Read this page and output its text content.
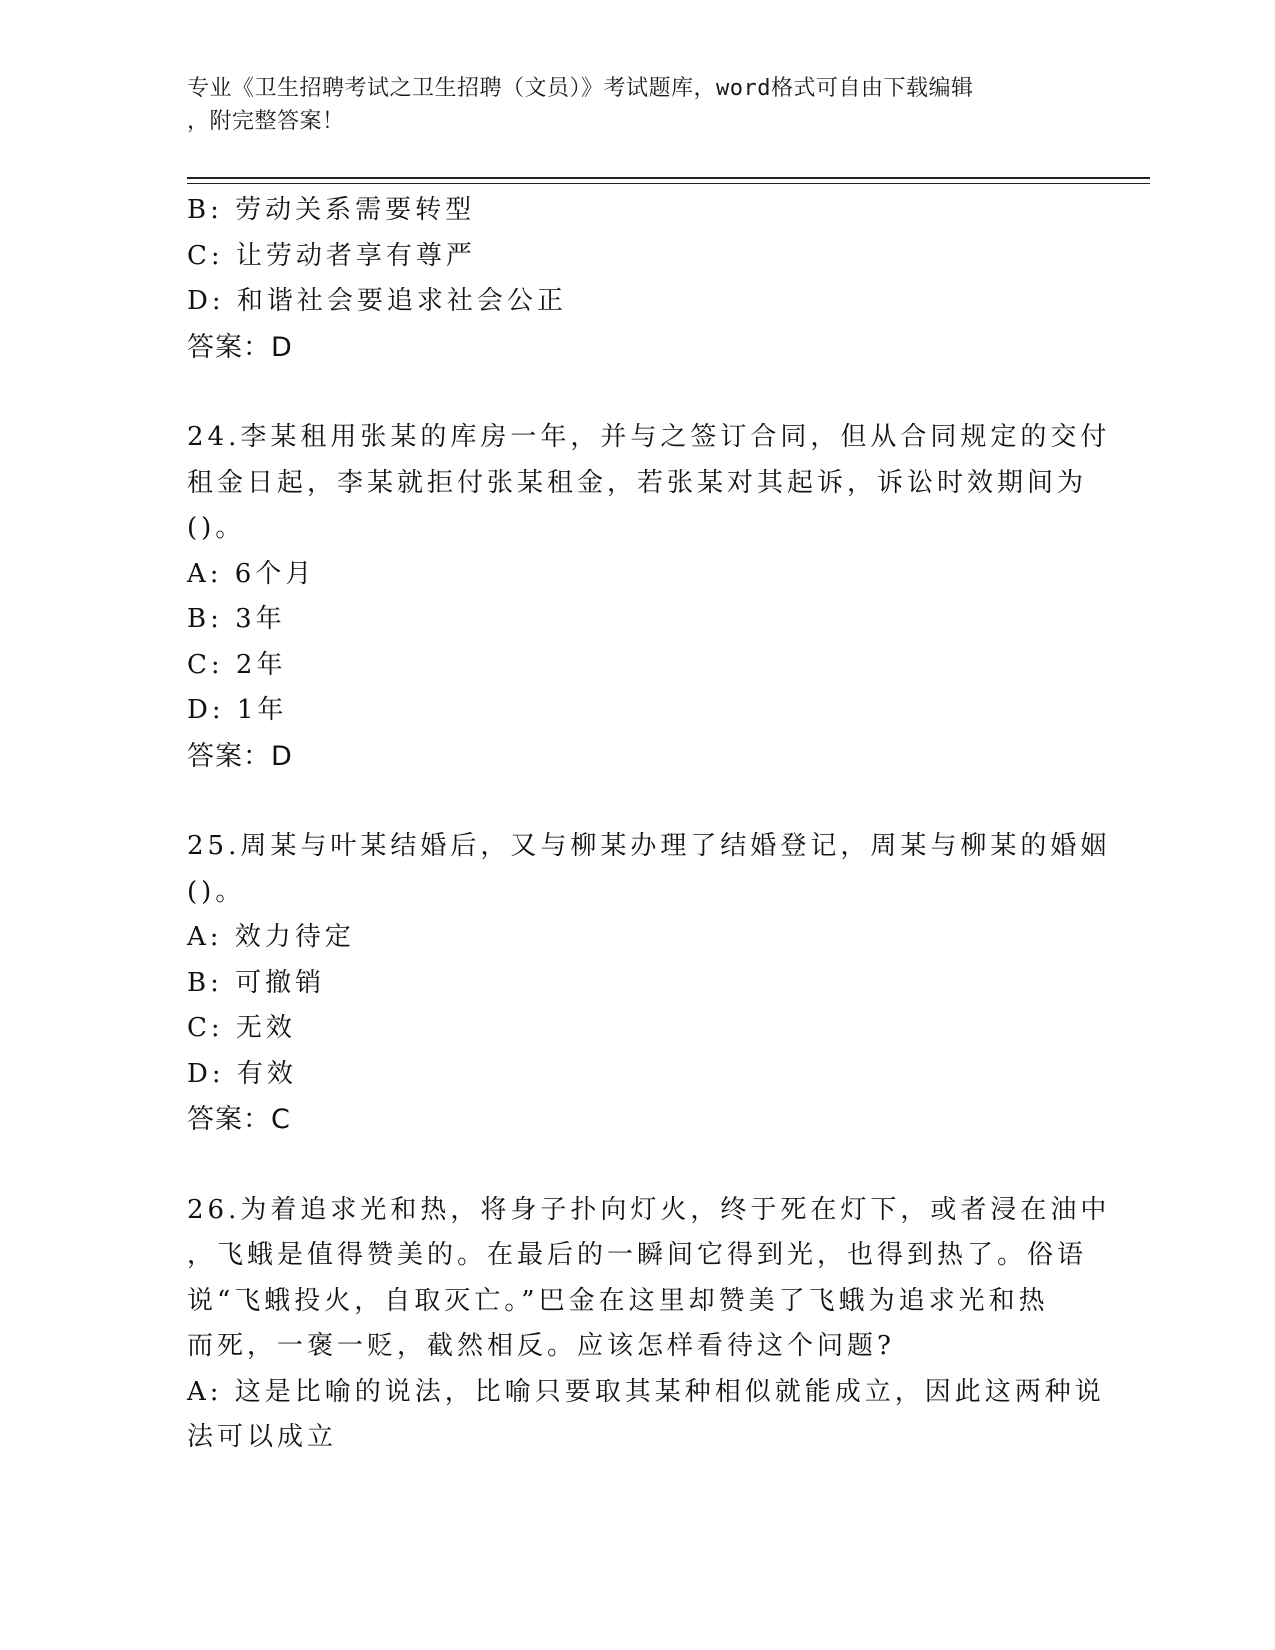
专业《卫生招聘考试之卫生招聘（文员）》考试题库，word格式可自由下载编辑
，附完整答案！
B: 劳动关系需要转型
C: 让劳动者享有尊严
D: 和谐社会要追求社会公正
答案：D
24.李某租用张某的库房一年，并与之签订合同，但从合同规定的交付
租金日起，李某就拒付张某租金，若张某对其起诉，诉讼时效期间为
()。
A: 6个月
B: 3年
C: 2年
D: 1年
答案：D
25.周某与叶某结婚后，又与柳某办理了结婚登记，周某与柳某的婚姻
()。
A: 效力待定
B: 可撤销
C: 无效
D: 有效
答案：C
26.为着追求光和热，将身子扑向灯火，终于死在灯下，或者浸在油中
，飞蛾是值得赞美的。在最后的一瞬间它得到光，也得到热了。俗语
说“飞蛾投火，自取灭亡。”巴金在这里却赞美了飞蛾为追求光和热
而死，一褒一贬，截然相反。应该怎样看待这个问题?
A: 这是比喻的说法，比喻只要取其某种相似就能成立，因此这两种说
法可以成立
